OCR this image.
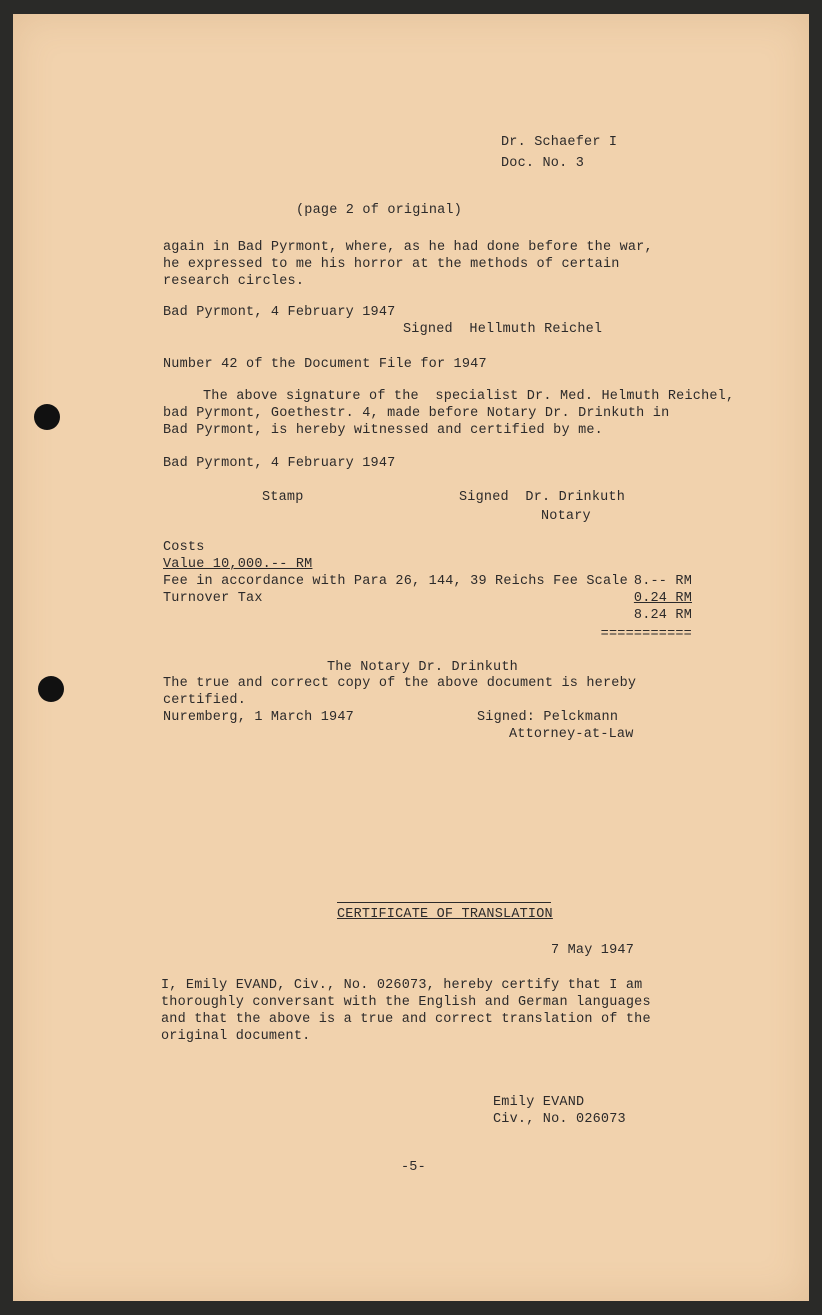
Dr. Schaefer I

Doc. No. 3

(page 2 of original)

again in Bad Pyrmont, where, as he had done before the war,

he expressed to me his horror at the methods of certain

research circles.

Bad Pyrmont, 4 February 1947

Signed  Hellmuth Reichel

Number 42 of the Document File for 1947

The above signature of the  specialist Dr. Med. Helmuth Reichel,

bad Pyrmont, Goethestr. 4, made before Notary Dr. Drinkuth in

Bad Pyrmont, is hereby witnessed and certified by me.

Bad Pyrmont, 4 February 1947

Stamp	Signed  Dr. Drinkuth

Notary

Costs

Value 10,000.-- RM

Fee in accordance with Para 26, 144, 39 Reichs Fee Scale 8.-- RM

Turnover Tax	0.24 RM

8.24 RM

===========

The Notary Dr. Drinkuth

The true and correct copy of the above document is hereby

certified.

Nuremberg, 1 March 1947	Signed: Pelckmann

Attorney-at-Law

CERTIFICATE OF TRANSLATION

7 May 1947

I, Emily EVAND, Civ., No. 026073, hereby certify that I am

thoroughly conversant with the English and German languages

and that the above is a true and correct translation of the

original document.

Emily EVAND

Civ., No. 026073

-5-
